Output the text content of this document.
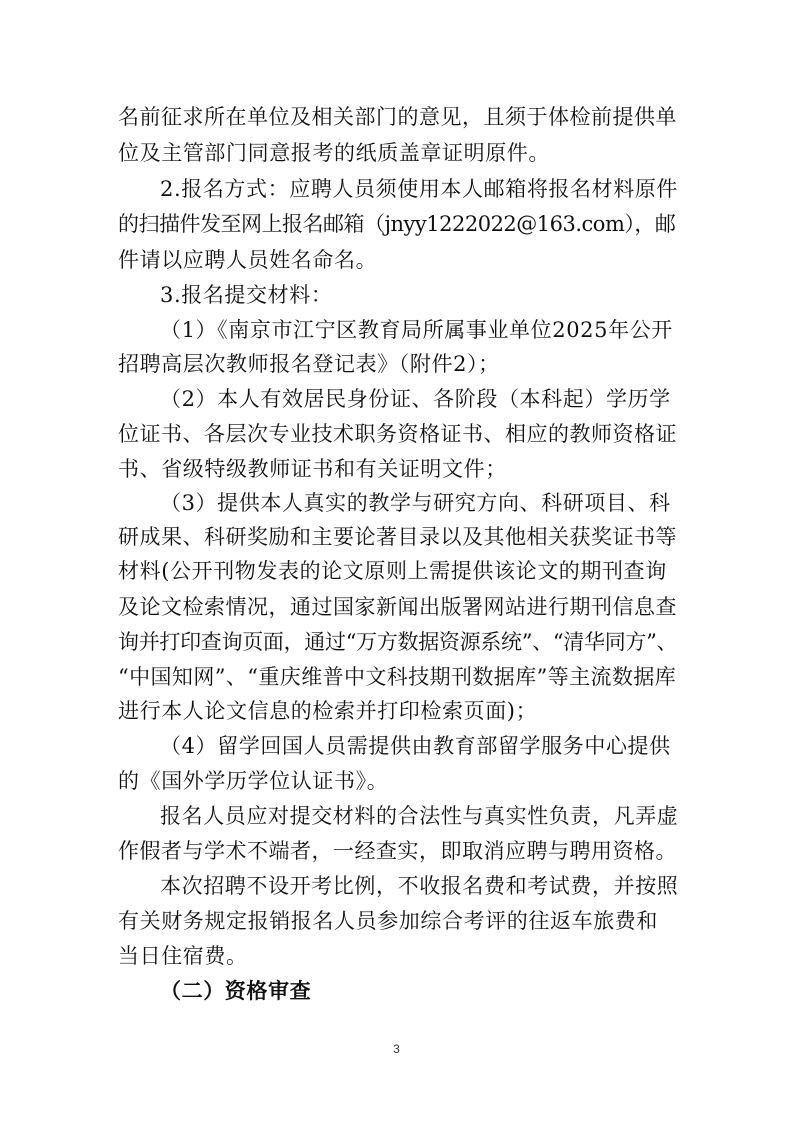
名前征求所在单位及相关部门的意见，且须于体检前提供单
位及主管部门同意报考的纸质盖章证明原件。
2.报名方式：应聘人员须使用本人邮箱将报名材料原件
的扫描件发至网上报名邮箱（jnyy1222022@163.com），邮
件请以应聘人员姓名命名。
3.报名提交材料：
（1）《南京市江宁区教育局所属事业单位2025年公开
招聘高层次教师报名登记表》（附件2）；
（2）本人有效居民身份证、各阶段（本科起）学历学
位证书、各层次专业技术职务资格证书、相应的教师资格证
书、省级特级教师证书和有关证明文件；
（3）提供本人真实的教学与研究方向、科研项目、科
研成果、科研奖励和主要论著目录以及其他相关获奖证书等
材料(公开刊物发表的论文原则上需提供该论文的期刊查询
及论文检索情况，通过国家新闻出版署网站进行期刊信息查
询并打印查询页面，通过“万方数据资源系统”、“清华同方”、
“中国知网”、“重庆维普中文科技期刊数据库”等主流数据库
进行本人论文信息的检索并打印检索页面)；
（4）留学回国人员需提供由教育部留学服务中心提供
的《国外学历学位认证书》。
报名人员应对提交材料的合法性与真实性负责，凡弄虚
作假者与学术不端者，一经查实，即取消应聘与聘用资格。
本次招聘不设开考比例，不收报名费和考试费，并按照
有关财务规定报销报名人员参加综合考评的往返车旅费和
当日住宿费。
（二）资格审查
3
